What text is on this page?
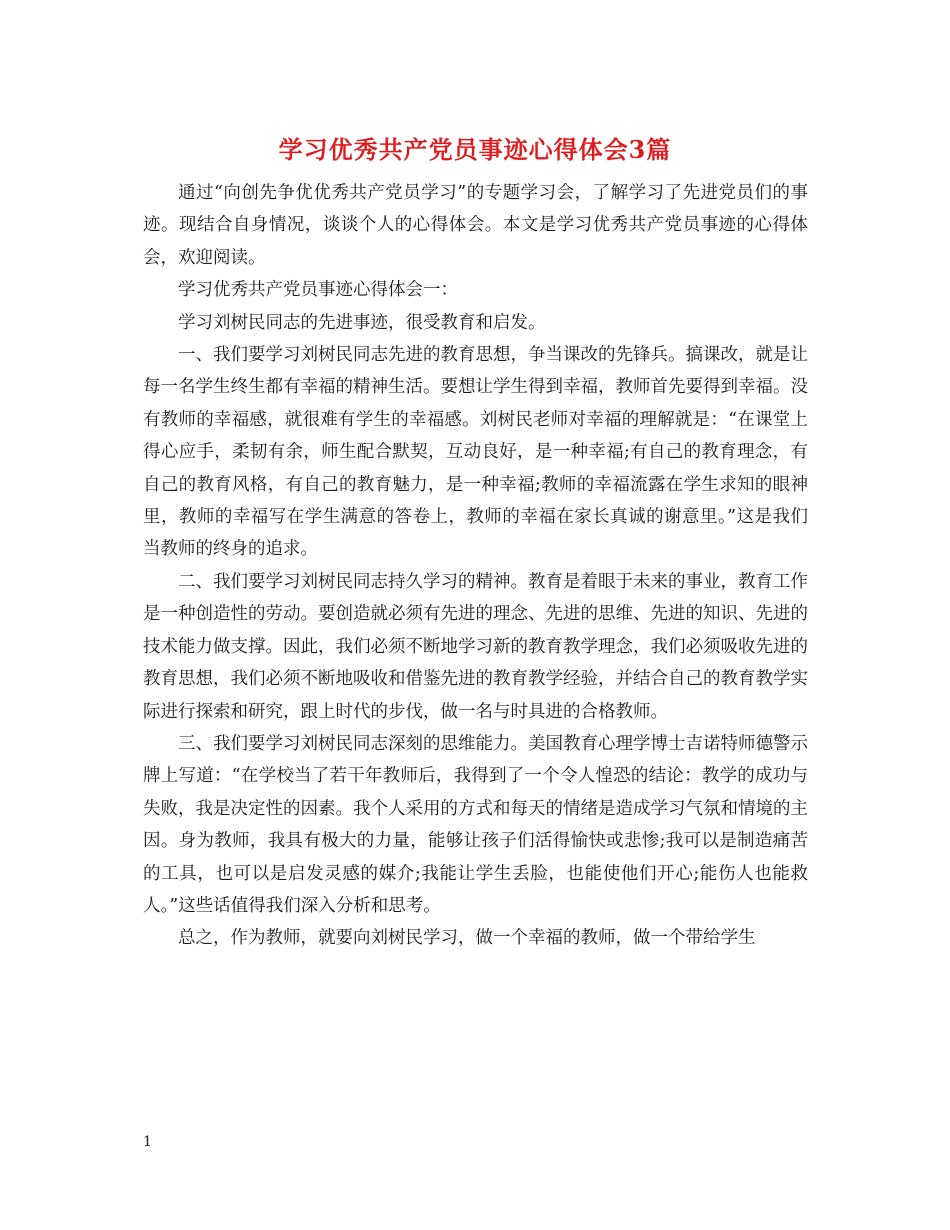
学习优秀共产党员事迹心得体会3篇

通过“向创先争优优秀共产党员学习”的专题学习会，了解学习了先进党员们的事迹。现结合自身情况，谈谈个人的心得体会。本文是学习优秀共产党员事迹的心得体会，欢迎阅读。

学习优秀共产党员事迹心得体会一：

学习刘树民同志的先进事迹，很受教育和启发。

一、我们要学习刘树民同志先进的教育思想，争当课改的先锋兵。搞课改，就是让每一名学生终生都有幸福的精神生活。要想让学生得到幸福，教师首先要得到幸福。没有教师的幸福感，就很难有学生的幸福感。刘树民老师对幸福的理解就是：“在课堂上得心应手，柔韧有余，师生配合默契，互动良好，是一种幸福;有自己的教育理念，有自己的教育风格，有自己的教育魅力，是一种幸福;教师的幸福流露在学生求知的眼神里，教师的幸福写在学生满意的答卷上，教师的幸福在家长真诚的谢意里。”这是我们当教师的终身的追求。

二、我们要学习刘树民同志持久学习的精神。教育是着眼于未来的事业，教育工作是一种创造性的劳动。要创造就必须有先进的理念、先进的思维、先进的知识、先进的技术能力做支撑。因此，我们必须不断地学习新的教育教学理念，我们必须吸收先进的教育思想，我们必须不断地吸收和借鉴先进的教育教学经验，并结合自己的教育教学实际进行探索和研究，跟上时代的步伐，做一名与时具进的合格教师。

三、我们要学习刘树民同志深刻的思维能力。美国教育心理学博士吉诺特师德警示牌上写道：“在学校当了若干年教师后，我得到了一个令人惶恐的结论：教学的成功与失败，我是决定性的因素。我个人采用的方式和每天的情绪是造成学习气氛和情境的主因。身为教师，我具有极大的力量，能够让孩子们活得愉快或悲惨;我可以是制造痛苦的工具，也可以是启发灵感的媒介;我能让学生丢脸，也能使他们开心;能伤人也能救人。”这些话值得我们深入分析和思考。

总之，作为教师，就要向刘树民学习，做一个幸福的教师，做一个带给学生

1
